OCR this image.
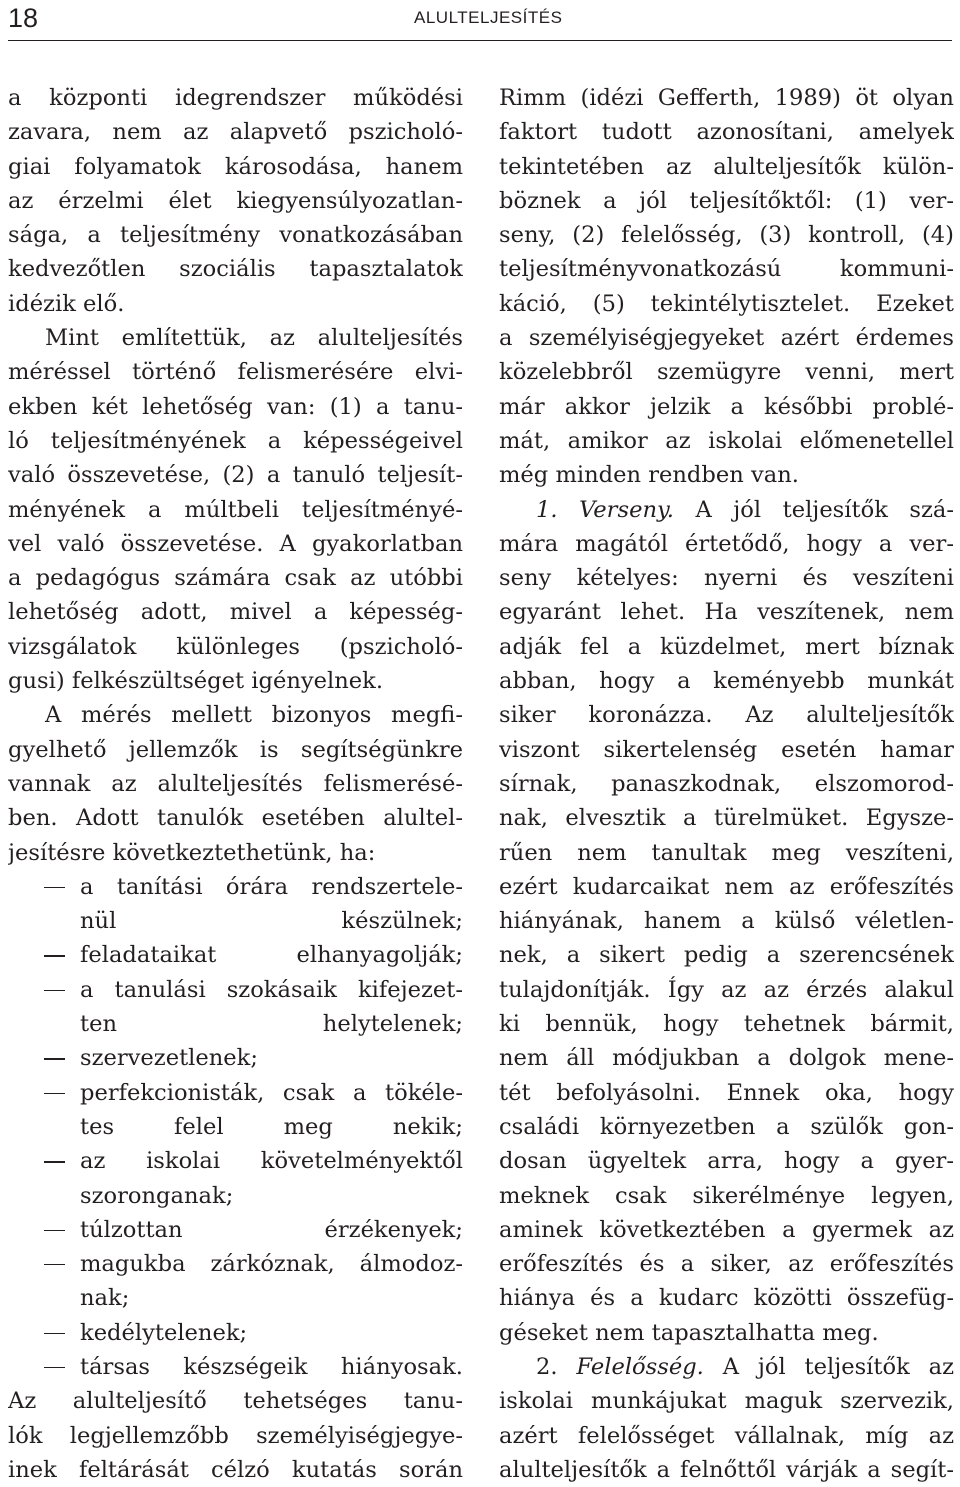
18	ALULTELJESÍTÉS
a központi idegrendszer működési
zavara, nem az alapvető pszicholó-
giai folyamatok károsodása, hanem
az érzelmi élet kiegyensúlyozatlan-
sága, a teljesítmény vonatkozásában
kedvezőtlen szociális tapasztalatok
idézik elő.
Mint említettük, az alulteljesítés
méréssel történő felismerésére elvi-
ekben két lehetőség van: (1) a tanu-
ló teljesítményének a képességeivel
való összevetése, (2) a tanuló teljesít-
ményének a múltbeli teljesítményé-
vel való összevetése. A gyakorlatban
a pedagógus számára csak az utóbbi
lehetőség adott, mivel a képesség-
vizsgálatok különleges (pszicholó-
gusi) felkészültséget igényelnek.
A mérés mellett bizonyos megfi-
gyelhető jellemzők is segítségünkre
vannak az alulteljesítés felismerésé-
ben. Adott tanulók esetében alultel-
jesítésre következtethetünk, ha:
a tanítási órára rendszertele-
nül készülnek;
feladataikat elhanyagolják;
a tanulási szokásaik kifejezet-
ten helytelenek;
szervezetlenek;
perfekcionisták, csak a tökéle-
tes felel meg nekik;
az iskolai követelményektől
szoronganak;
túlzottan érzékenyek;
magukba zárkóznak, álmodoz-
nak;
kedélytelenek;
társas készségeik hiányosak.
Az alulteljesítő tehetséges tanu-
lók legjellemzőbb személyiségjegye-
inek feltárását célzó kutatás során
Rimm (idézi Gefferth, 1989) öt olyan
faktort tudott azonosítani, amelyek
tekintetében az alulteljesítők külön-
böznek a jól teljesítőktől: (1) ver-
seny, (2) felelősség, (3) kontroll, (4)
teljesítményvonatkozású kommuni-
káció, (5) tekintélytisztelet. Ezeket
a személyiségjegyeket azért érdemes
közelebbről szemügyre venni, mert
már akkor jelzik a későbbi problé-
mát, amikor az iskolai előmenetellel
még minden rendben van.
1. Verseny. A jól teljesítők szá-
mára magától értetődő, hogy a ver-
seny kételyes: nyerni és veszíteni
egyaránt lehet. Ha veszítenek, nem
adják fel a küzdelmet, mert bíznak
abban, hogy a keményebb munkát
siker koronázza. Az alulteljesítők
viszont sikertelenség esetén hamar
sírnak, panaszkodnak, elszomorod-
nak, elvesztik a türelmüket. Egysze-
rűen nem tanultak meg veszíteni,
ezért kudarcaikat nem az erőfeszítés
hiányának, hanem a külső véletlen-
nek, a sikert pedig a szerencsének
tulajdonítják. Így az az érzés alakul
ki bennük, hogy tehetnek bármit,
nem áll módjukban a dolgok mene-
tét befolyásolni. Ennek oka, hogy
családi környezetben a szülők gon-
dosan ügyeltek arra, hogy a gyer-
meknek csak sikerélménye legyen,
aminek következtében a gyermek az
erőfeszítés és a siker, az erőfeszítés
hiánya és a kudarc közötti összefüg-
géseket nem tapasztalhatta meg.
2. Felelősség. A jól teljesítők az
iskolai munkájukat maguk szervezik,
azért felelősséget vállalnak, míg az
alulteljesítők a felnőttől várják a segít-
